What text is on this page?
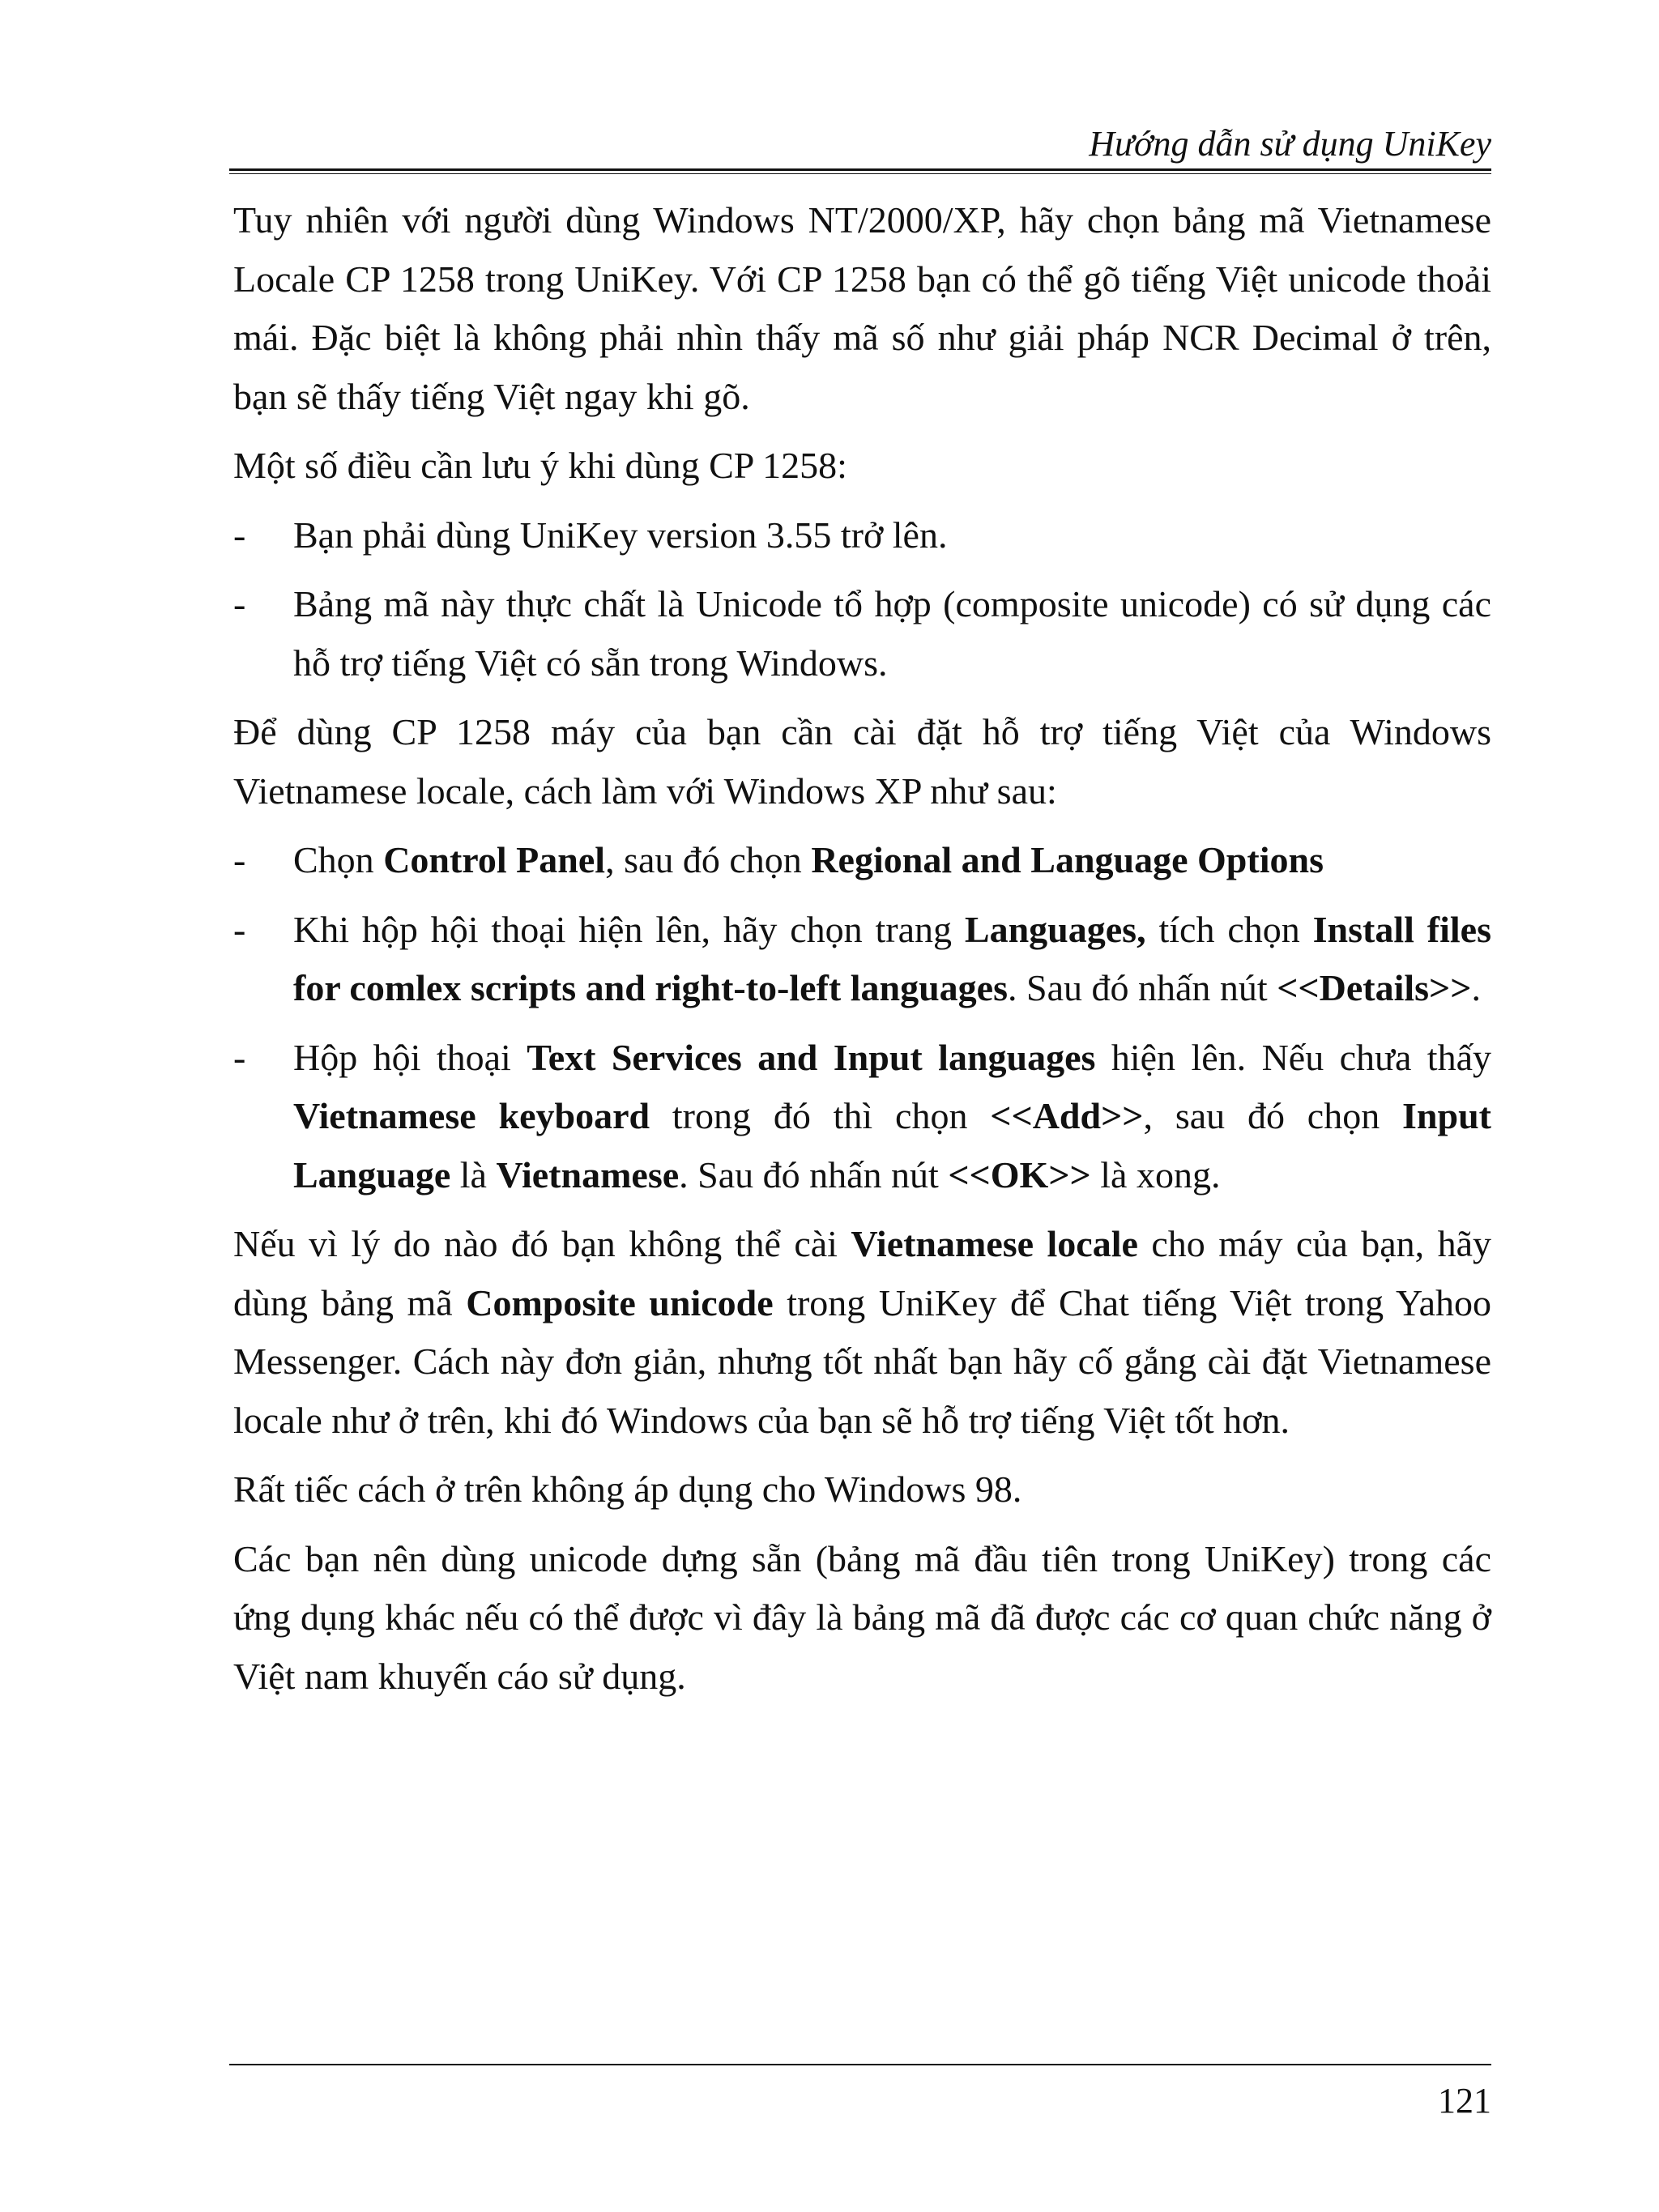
Hướng dẫn sử dụng UniKey

Tuy nhiên với người dùng Windows NT/2000/XP, hãy chọn bảng mã Vietnamese Locale CP 1258 trong UniKey. Với CP 1258 bạn có thể gõ tiếng Việt unicode thoải mái. Đặc biệt là không phải nhìn thấy mã số như giải pháp NCR Decimal ở trên, bạn sẽ thấy tiếng Việt ngay khi gõ.

Một số điều cần lưu ý khi dùng CP 1258:

- Bạn phải dùng UniKey version 3.55 trở lên.
- Bảng mã này thực chất là Unicode tổ hợp (composite unicode) có sử dụng các hỗ trợ tiếng Việt có sẵn trong Windows.

Để dùng CP 1258 máy của bạn cần cài đặt hỗ trợ tiếng Việt của Windows Vietnamese locale, cách làm với Windows XP như sau:

- Chọn Control Panel, sau đó chọn Regional and Language Options
- Khi hộp hội thoại hiện lên, hãy chọn trang Languages, tích chọn Install files for comlex scripts and right-to-left languages. Sau đó nhấn nút <<Details>>.
- Hộp hội thoại Text Services and Input languages hiện lên. Nếu chưa thấy Vietnamese keyboard trong đó thì chọn <<Add>>, sau đó chọn Input Language là Vietnamese. Sau đó nhấn nút <<OK>> là xong.

Nếu vì lý do nào đó bạn không thể cài Vietnamese locale cho máy của bạn, hãy dùng bảng mã Composite unicode trong UniKey để Chat tiếng Việt trong Yahoo Messenger. Cách này đơn giản, nhưng tốt nhất bạn hãy cố gắng cài đặt Vietnamese locale như ở trên, khi đó Windows của bạn sẽ hỗ trợ tiếng Việt tốt hơn.

Rất tiếc cách ở trên không áp dụng cho Windows 98.

Các bạn nên dùng unicode dựng sẵn (bảng mã đầu tiên trong UniKey) trong các ứng dụng khác nếu có thể được vì đây là bảng mã đã được các cơ quan chức năng ở Việt nam khuyến cáo sử dụng.

121
